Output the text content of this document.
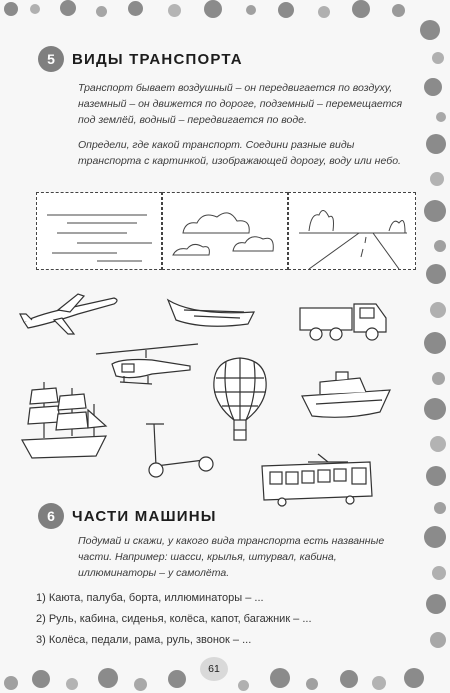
5	ВИДЫ ТРАНСПОРТА
Транспорт бывает воздушный – он передвигается по воздуху,
наземный – он движется по дороге, подземный – перемещается
под землёй, водный – передвигается по воде.
Определи, где какой транспорт. Соедини разные виды
транспорта с картинкой, изображающей дорогу, воду или небо.
6	ЧАСТИ МАШИНЫ
Подумай и скажи, у какого вида транспорта есть названные
части. Например: шасси, крылья, штурвал, кабина,
иллюминаторы – у самолёта.
1) Каюта, палуба, борта, иллюминаторы – ...
2) Руль, кабина, сиденья, колёса, капот, багажник – ...
3) Колёса, педали, рама, руль, звонок – ...
61
